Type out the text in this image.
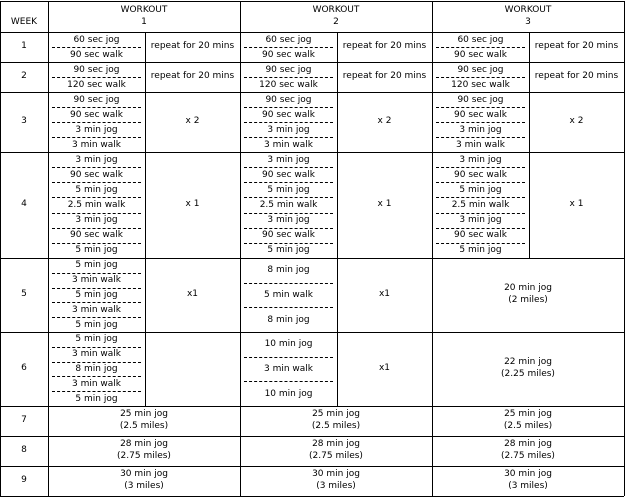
WEEK
WORKOUT
1
WORKOUT
2
WORKOUT
3
1
60 sec jog
90 sec walk
repeat for 20 mins
60 sec jog
90 sec walk
repeat for 20 mins
60 sec jog
90 sec walk
repeat for 20 mins
2
90 sec jog
120 sec walk
repeat for 20 mins
90 sec jog
120 sec walk
repeat for 20 mins
90 sec jog
120 sec walk
repeat for 20 mins
3
90 sec jog
90 sec walk
3 min jog
3 min walk
x 2
90 sec jog
90 sec walk
3 min jog
3 min walk
x 2
90 sec jog
90 sec walk
3 min jog
3 min walk
x 2
4
3 min jog
90 sec walk
5 min jog
2.5 min walk
3 min jog
90 sec walk
5 min jog
x 1
3 min jog
90 sec walk
5 min jog
2.5 min walk
3 min jog
90 sec walk
5 min jog
x 1
3 min jog
90 sec walk
5 min jog
2.5 min walk
3 min jog
90 sec walk
5 min jog
x 1
5
5 min jog
3 min walk
5 min jog
3 min walk
5 min jog
x1
8 min jog
5 min walk
8 min jog
x1
20 min jog
(2 miles)
6
5 min jog
3 min walk
8 min jog
3 min walk
5 min jog
10 min jog
3 min walk
10 min jog
x1
22 min jog
(2.25 miles)
7
25 min jog
(2.5 miles)
25 min jog
(2.5 miles)
25 min jog
(2.5 miles)
8
28 min jog
(2.75 miles)
28 min jog
(2.75 miles)
28 min jog
(2.75 miles)
9
30 min jog
(3 miles)
30 min jog
(3 miles)
30 min jog
(3 miles)
